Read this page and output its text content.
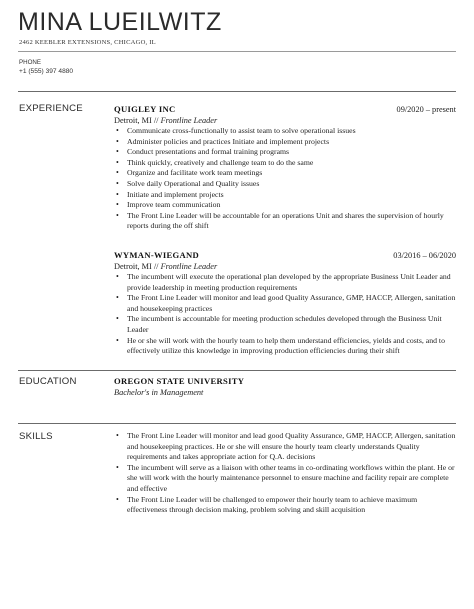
MINA LUEILWITZ
2462 KEEBLER EXTENSIONS, CHICAGO, IL
PHONE
+1 (555) 397 4880
EXPERIENCE	QUIGLEY INC	09/2020 – present
Detroit, MI // Frontline Leader
• Communicate cross-functionally to assist team to solve operational issues
• Administer policies and practices Initiate and implement projects
• Conduct presentations and formal training programs
• Think quickly, creatively and challenge team to do the same
• Organize and facilitate work team meetings
• Solve daily Operational and Quality issues
• Initiate and implement projects
• Improve team communication
• The Front Line Leader will be accountable for an operations Unit and shares the supervision of hourly reports during the off shift
WYMAN-WIEGAND	03/2016 – 06/2020
Detroit, MI // Frontline Leader
• The incumbent will execute the operational plan developed by the appropriate Business Unit Leader and provide leadership in meeting production requirements
• The Front Line Leader will monitor and lead good Quality Assurance, GMP, HACCP, Allergen, sanitation and housekeeping practices
• The incumbent is accountable for meeting production schedules developed through the Business Unit Leader
• He or she will work with the hourly team to help them understand efficiencies, yields and costs, and to effectively utilize this knowledge in improving production efficiencies during their shift
EDUCATION	OREGON STATE UNIVERSITY
Bachelor's in Management
SKILLS
•	The Front Line Leader will monitor and lead good Quality Assurance, GMP, HACCP, Allergen, sanitation and housekeeping practices. He or she will ensure the hourly team clearly understands Quality requirements and takes appropriate action for Q.A. decisions
• The incumbent will serve as a liaison with other teams in co-ordinating workflows within the plant. He or she will work with the hourly maintenance personnel to ensure machine and facility repair are complete and effective
• The Front Line Leader will be challenged to empower their hourly team to achieve maximum effectiveness through decision making, problem solving and skill acquisition
